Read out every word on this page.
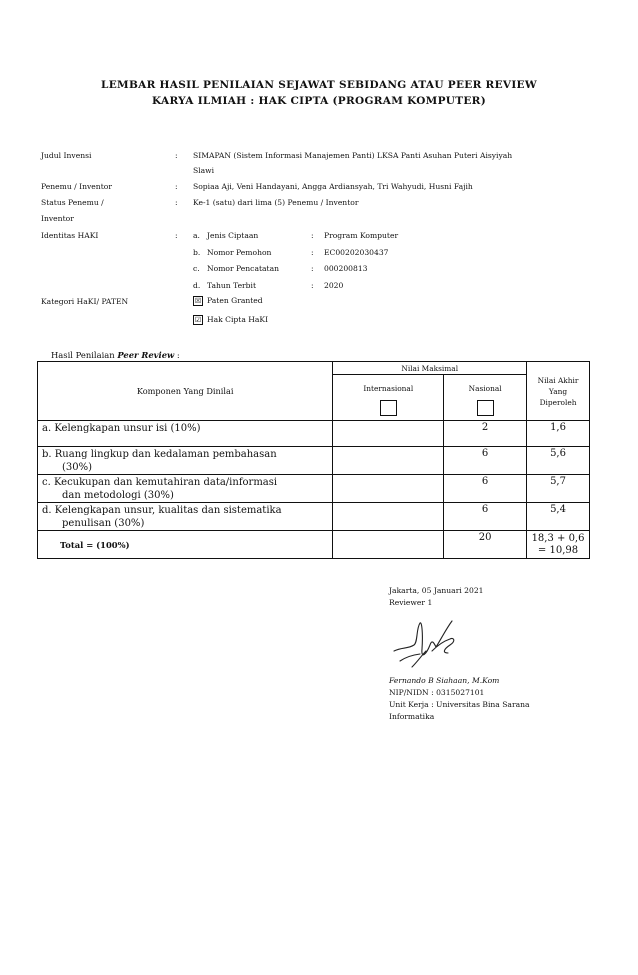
LEMBAR HASIL PENILAIAN SEJAWAT SEBIDANG ATAU PEER REVIEW
KARYA ILMIAH : HAK CIPTA (PROGRAM KOMPUTER)
Judul Invensi	: SIMAPAN (Sistem Informasi Manajemen Panti) LKSA Panti Asuhan Puteri Aisyiyah
Slawi
Penemu / Inventor	: Sopiaa Aji, Veni Handayani, Angga Ardiansyah, Tri Wahyudi, Husni Fajih
Status Penemu /	: Ke-1 (satu) dari lima (5) Penemu / Inventor
Inventor
Identitas HAKI	: a. Jenis Ciptaan	: Program Komputer
b. Nomor Pemohon	: EC00202030437
c. Nomor Pencatatan	: 000200813
d. Tahun Terbit	: 2020
Kategori HaKI/ PATEN	☒ Paten Granted
☑ Hak Cipta HaKI
Hasil Penilaian Peer Review :
Komponen Yang Dinilai	Nilai Maksimal		Nilai Akhir
Yang
Diperoleh

	Internasional	Nasional	

a. Kelengkapan unsur isi (10%)		2	1,6

b. Ruang lingkup dan kedalaman pembahasan
(30%)		6	5,6

c. Kecukupan dan kemutahiran data/informasi
dan metodologi (30%)		6	5,7

d. Kelengkapan unsur, kualitas dan sistematika
penulisan (30%)		6	5,4
Total = (100%)		20	18,3 + 0,6
= 10,98
Jakarta, 05 Januari 2021
Reviewer 1
Fernando B Siahaan, M.Kom
NIP/NIDN : 0315027101
Unit Kerja : Universitas Bina Sarana
Informatika
